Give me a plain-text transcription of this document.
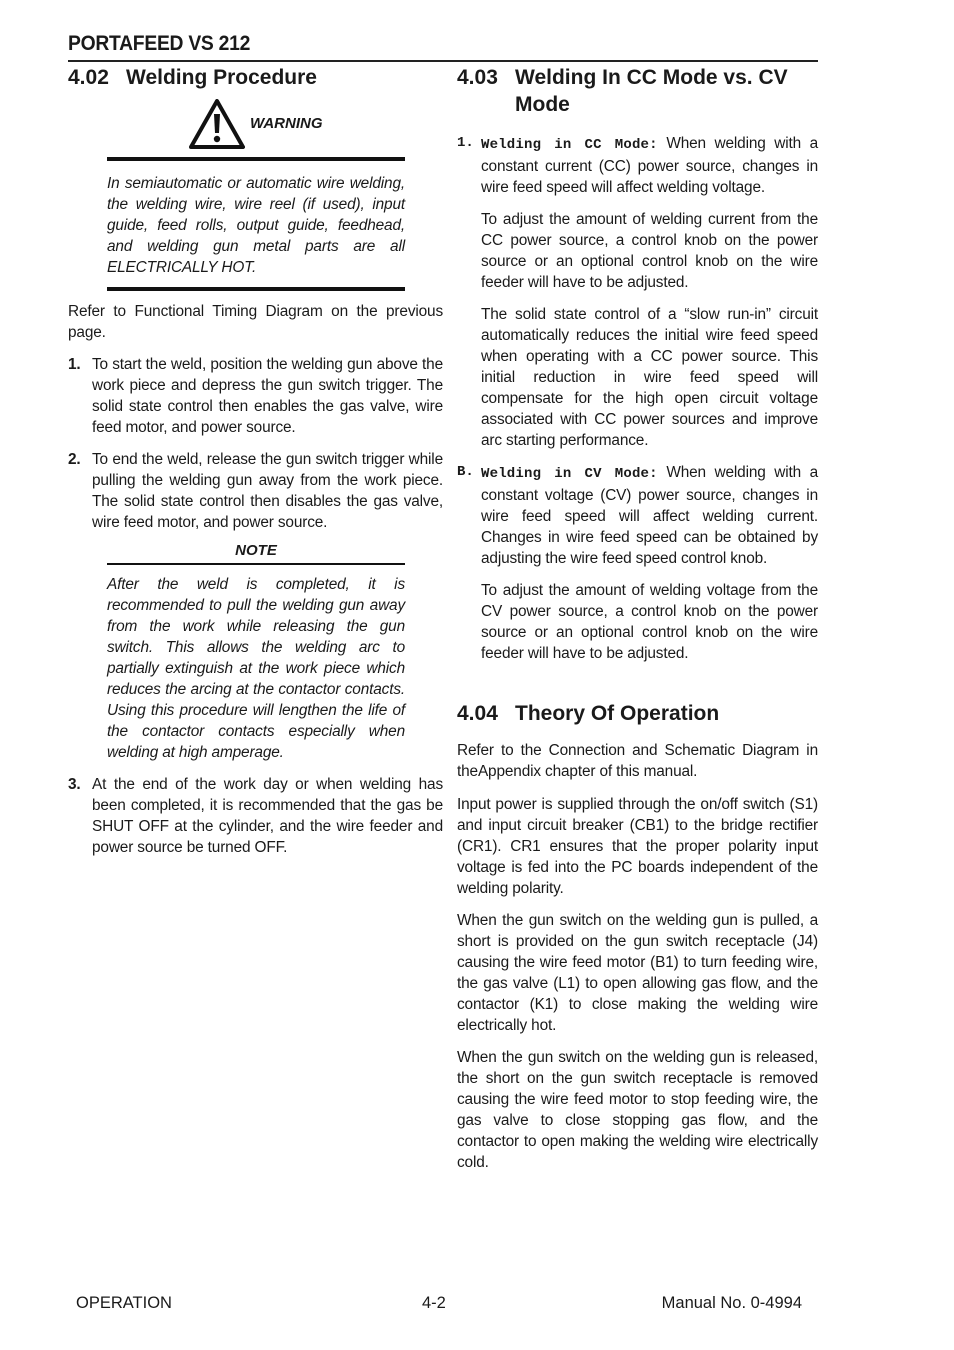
PORTAFEED VS 212
4.02 Welding Procedure
WARNING

In semiautomatic or automatic wire welding, the welding wire, wire reel (if used), input guide, feed rolls, output guide, feedhead, and welding gun metal parts are all ELECTRICALLY HOT.

Refer to Functional Timing Diagram on the previous page.

1. To start the weld, position the welding gun above the work piece and depress the gun switch trigger. The solid state control then enables the gas valve, wire feed motor, and power source.
2. To end the weld, release the gun switch trigger while pulling the welding gun away from the work piece. The solid state control then disables the gas valve, wire feed motor, and power source.
NOTE

After the weld is completed, it is recommended to pull the welding gun away from the work while releasing the gun switch. This allows the welding arc to partially extinguish at the work piece which reduces the arcing at the contactor contacts. Using this procedure will lengthen the life of the contactor contacts especially when welding at high amperage.

3. At the end of the work day or when welding has been completed, it is recommended that the gas be SHUT OFF at the cylinder, and the wire feeder and power source be turned OFF.
4.03 Welding In CC Mode vs. CV Mode
1. Welding in CC Mode: When welding with a constant current (CC) power source, changes in wire feed speed will affect welding voltage.

To adjust the amount of welding current from the CC power source, a control knob on the power source or an optional control knob on the wire feeder will have to be adjusted.

The solid state control of a “slow run-in” circuit automatically reduces the initial wire feed speed when operating with a CC power source. This initial reduction in wire feed speed will compensate for the high open circuit voltage associated with CC power sources and improve arc starting performance.

B. Welding in CV Mode: When welding with a constant voltage (CV) power source, changes in wire feed speed will affect welding current. Changes in wire feed speed can be obtained by adjusting the wire feed speed control knob.

To adjust the amount of welding voltage from the CV power source, a control knob on the power source or an optional control knob on the wire feeder will have to be adjusted.

4.04 Theory Of Operation

Refer to the Connection and Schematic Diagram in theAppendix chapter of this manual.

Input power is supplied through the on/off switch (S1) and input circuit breaker (CB1) to the bridge rectifier (CR1). CR1 ensures that the proper polarity input voltage is fed into the PC boards independent of the welding polarity.

When the gun switch on the welding gun is pulled, a short is provided on the gun switch receptacle (J4) causing the wire feed motor (B1) to turn feeding wire, the gas valve (L1) to open allowing gas flow, and the contactor (K1) to close making the welding wire electrically hot.

When the gun switch on the welding gun is released, the short on the gun switch receptacle is removed causing the wire feed motor to stop feeding wire, the gas valve to close stopping gas flow, and the contactor to open making the welding wire electrically cold.

OPERATION	4-2	Manual No. 0-4994
